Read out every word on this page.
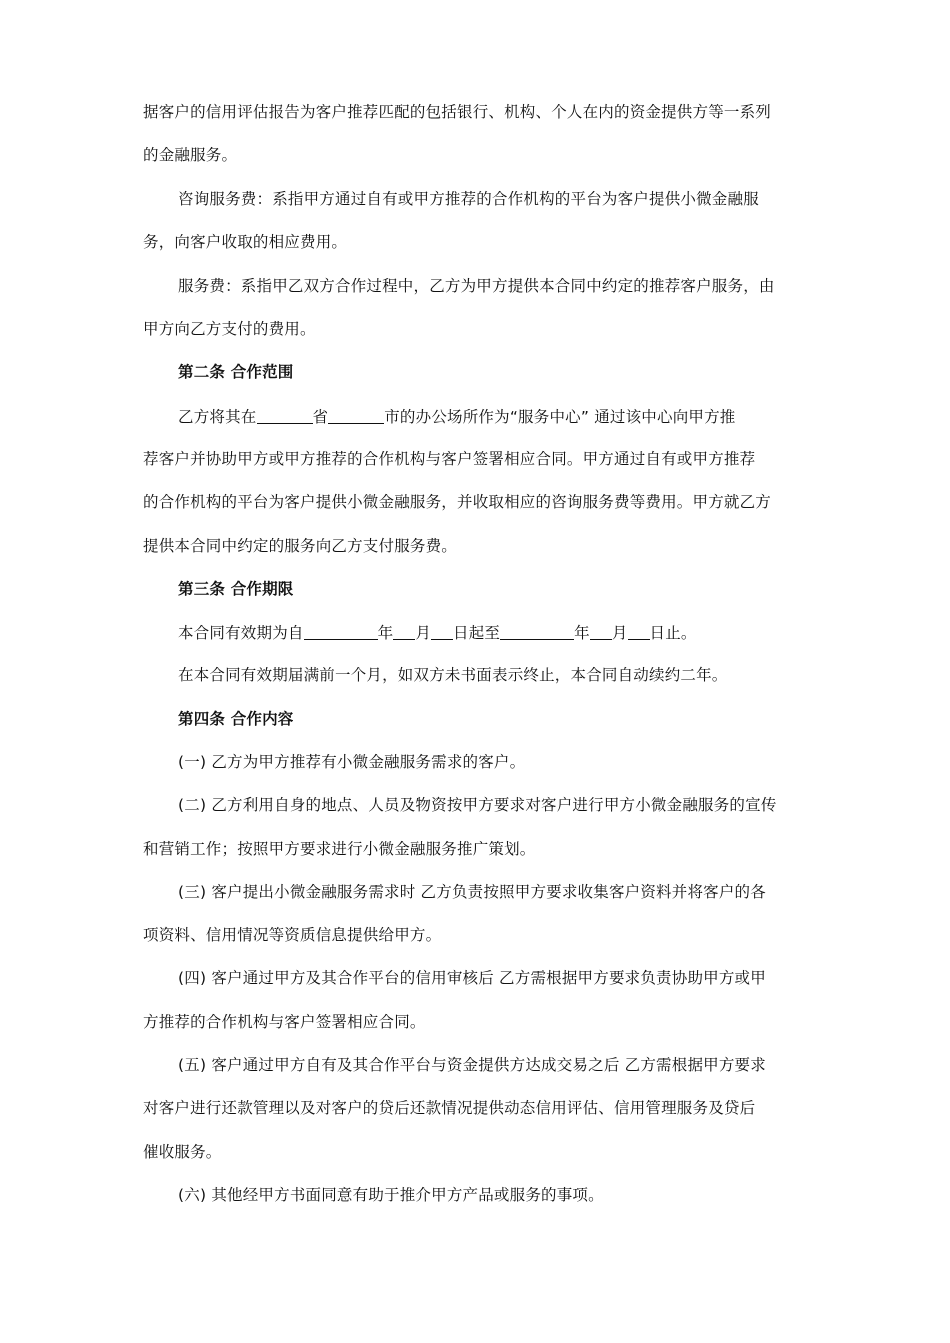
据客户的信用评估报告为客户推荐匹配的包括银行、机构、个人在内的资金提供方等一系列
的金融服务。
咨询服务费：系指甲方通过自有或甲方推荐的合作机构的平台为客户提供小微金融服
务，向客户收取的相应费用。
服务费：系指甲乙双方合作过程中，乙方为甲方提供本合同中约定的推荐客户服务，由
甲方向乙方支付的费用。
第二条 合作范围
乙方将其在	省	市的办公场所作为“服务中心” 通过该中心向甲方推
荐客户并协助甲方或甲方推荐的合作机构与客户签署相应合同。甲方通过自有或甲方推荐
的合作机构的平台为客户提供小微金融服务，并收取相应的咨询服务费等费用。甲方就乙方
提供本合同中约定的服务向乙方支付服务费。
第三条 合作期限
本合同有效期为自	年 月 日起至	年 月 日止。
在本合同有效期届满前一个月，如双方未书面表示终止，本合同自动续约二年。
第四条 合作内容
(一) 乙方为甲方推荐有小微金融服务需求的客户。
(二) 乙方利用自身的地点、人员及物资按甲方要求对客户进行甲方小微金融服务的宣传
和营销工作；按照甲方要求进行小微金融服务推广策划。
(三) 客户提出小微金融服务需求时 乙方负责按照甲方要求收集客户资料并将客户的各
项资料、信用情况等资质信息提供给甲方。
(四) 客户通过甲方及其合作平台的信用审核后 乙方需根据甲方要求负责协助甲方或甲
方推荐的合作机构与客户签署相应合同。
(五) 客户通过甲方自有及其合作平台与资金提供方达成交易之后 乙方需根据甲方要求
对客户进行还款管理以及对客户的贷后还款情况提供动态信用评估、信用管理服务及贷后
催收服务。
(六) 其他经甲方书面同意有助于推介甲方产品或服务的事项。
